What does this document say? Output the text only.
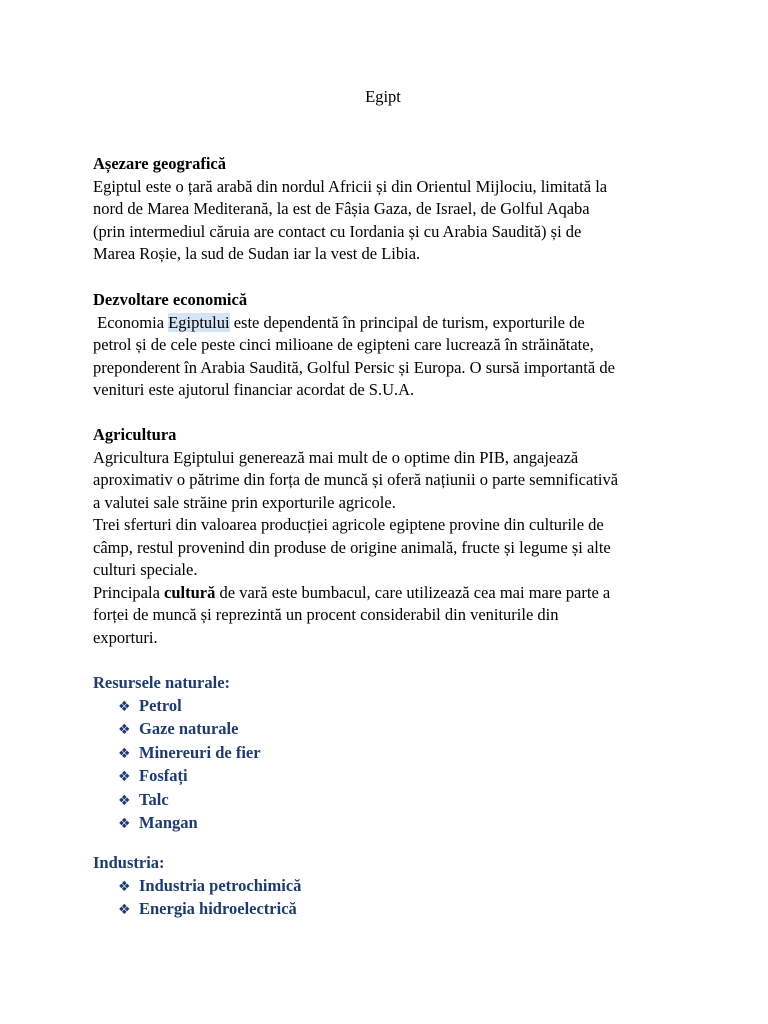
Egipt
Așezare geografică
Egiptul este o țară arabă din nordul Africii și din Orientul Mijlociu, limitată la
nord de Marea Mediterană, la est de Fâșia Gaza, de Israel, de Golful Aqaba
(prin intermediul căruia are contact cu Iordania și cu Arabia Saudită) și de
Marea Roșie, la sud de Sudan iar la vest de Libia.
Dezvoltare economică
Economia Egiptului este dependentă în principal de turism, exporturile de
petrol și de cele peste cinci milioane de egipteni care lucrează în străinătate,
preponderent în Arabia Saudită, Golful Persic și Europa. O sursă importantă de
venituri este ajutorul financiar acordat de S.U.A.
Agricultura
Agricultura Egiptului generează mai mult de o optime din PIB, angajează
aproximativ o pătrime din forța de muncă și oferă națiunii o parte semnificativă
a valutei sale străine prin exporturile agricole.
Trei sferturi din valoarea producției agricole egiptene provine din culturile de
câmp, restul provenind din produse de origine animală, fructe și legume și alte
culturi speciale.
Principala cultură de vară este bumbacul, care utilizează cea mai mare parte a
forței de muncă și reprezintă un procent considerabil din veniturile din
exporturi.
Resursele naturale:
❖ Petrol
❖ Gaze naturale
❖ Minereuri de fier
❖ Fosfați
❖ Talc
❖ Mangan
Industria:
❖ Industria petrochimică
❖ Energia hidroelectrică
